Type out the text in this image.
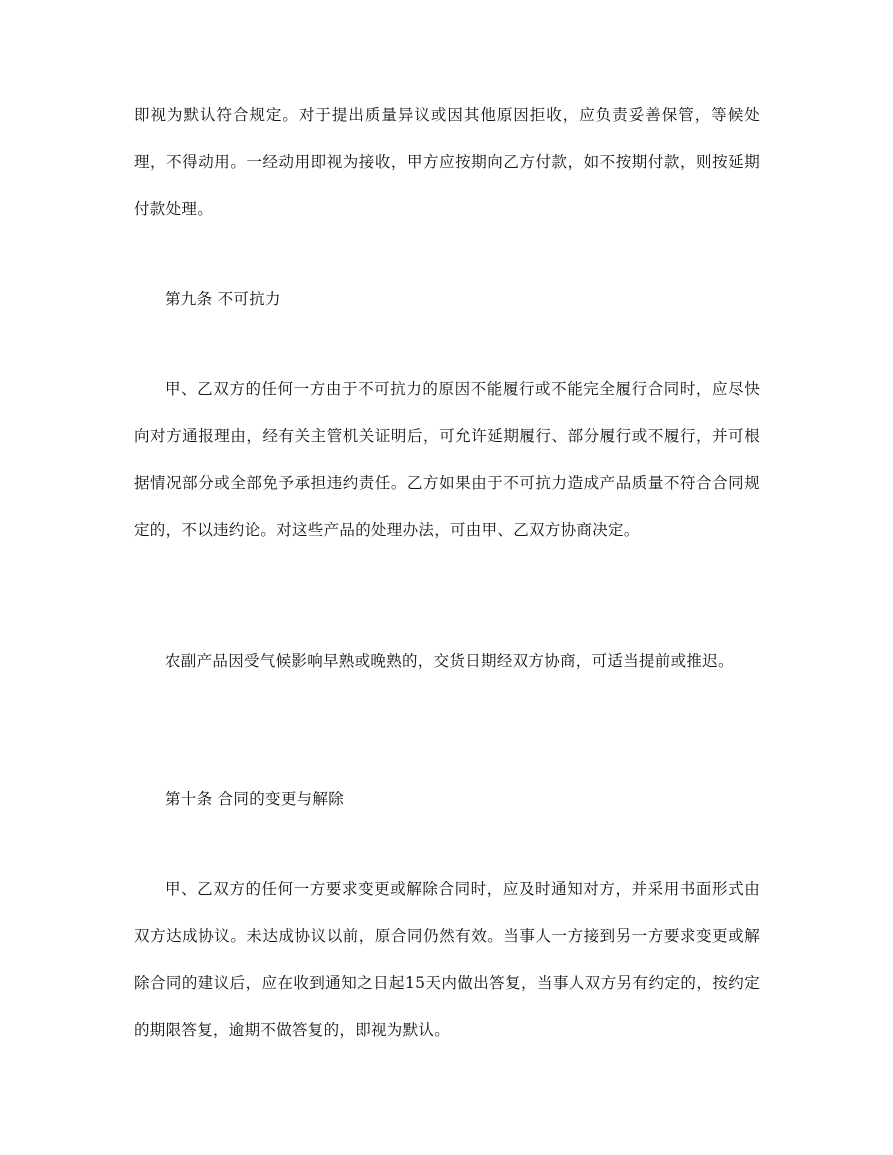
即视为默认符合规定。对于提出质量异议或因其他原因拒收，应负责妥善保管，等候处理，不得动用。一经动用即视为接收，甲方应按期向乙方付款，如不按期付款，则按延期付款处理。

第九条 不可抗力

甲、乙双方的任何一方由于不可抗力的原因不能履行或不能完全履行合同时，应尽快向对方通报理由，经有关主管机关证明后，可允许延期履行、部分履行或不履行，并可根据情况部分或全部免予承担违约责任。乙方如果由于不可抗力造成产品质量不符合合同规定的，不以违约论。对这些产品的处理办法，可由甲、乙双方协商决定。

农副产品因受气候影响早熟或晚熟的，交货日期经双方协商，可适当提前或推迟。

第十条 合同的变更与解除

甲、乙双方的任何一方要求变更或解除合同时，应及时通知对方，并采用书面形式由双方达成协议。未达成协议以前，原合同仍然有效。当事人一方接到另一方要求变更或解除合同的建议后，应在收到通知之日起15天内做出答复，当事人双方另有约定的，按约定的期限答复，逾期不做答复的，即视为默认。
